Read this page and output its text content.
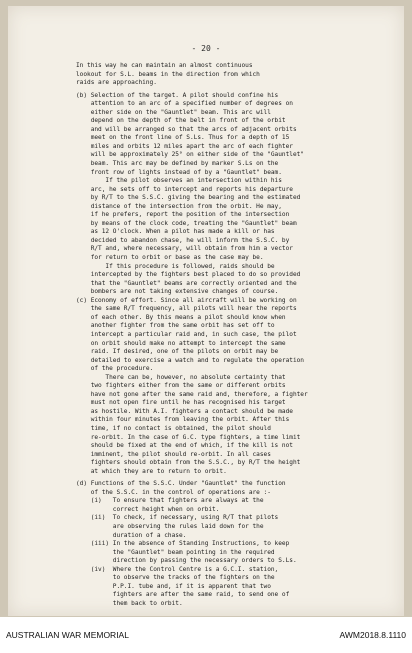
- 20 -
In this way he can maintain an almost continuous
lookout for S.L. beams in the direction from which
raids are approaching.
(b) Selection of the target. A pilot should confine his
attention to an arc of a specified number of degrees on
either side on the "Gauntlet" beam. This arc will
depend on the depth of the belt in front of the orbit
and will be arranged so that the arcs of adjacent orbits
meet on the front line of S.Ls. Thus for a depth of 15
miles and orbits 12 miles apart the arc of each fighter
will be approximately 25° on either side of the "Gauntlet"
beam. This arc may be defined by marker S.Ls on the
front row of lights instead of by a "Gauntlet" beam.
If the pilot observes an intersection within his
arc, he sets off to intercept and reports his departure
by R/T to the S.S.C. giving the bearing and the estimated
distance of the intersection from the orbit. He may,
if he prefers, report the position of the intersection
by means of the clock code, treating the "Gauntlet" beam
as 12 O'clock. When a pilot has made a kill or has
decided to abandon chase, he will inform the S.S.C. by
R/T and, where necessary, will obtain from him a vector
for return to orbit or base as the case may be.
If this procedure is followed, raids should be
intercepted by the fighters best placed to do so provided
that the "Gauntlet" beams are correctly oriented and the
bombers are not taking extensive changes of course.
(c) Economy of effort. Since all aircraft will be working on
the same R/T frequency, all pilots will hear the reports
of each other. By this means a pilot should know when
another fighter from the same orbit has set off to
intercept a particular raid and, in such case, the pilot
on orbit should make no attempt to intercept the same
raid. If desired, one of the pilots on orbit may be
detailed to exercise a watch and to regulate the operation
of the procedure.
There can be, however, no absolute certainty that
two fighters either from the same or different orbits
have not gone after the same raid and, therefore, a fighter
must not open fire until he has recognised his target
as hostile. With A.I. fighters a contact should be made
within four minutes from leaving the orbit. After this
time, if no contact is obtained, the pilot should
re-orbit. In the case of G.C. type fighters, a time limit
should be fixed at the end of which, if the kill is not
imminent, the pilot should re-orbit. In all cases
fighters should obtain from the S.S.C., by R/T the height
at which they are to return to orbit.
(d) Functions of the S.S.C. Under "Gauntlet" the function
of the S.S.C. in the control of operations are :-
(i)   To ensure that fighters are always at the
correct height when on orbit.
(ii)  To check, if necessary, using R/T that pilots
are observing the rules laid down for the
duration of a chase.
(iii) In the absence of Standing Instructions, to keep
the "Gauntlet" beam pointing in the required
direction by passing the necessary orders to S.Ls.
(iv)  Where the Control Centre is a G.C.I. station,
to observe the tracks of the fighters on the
P.P.I. tube and, if it is apparent that two
fighters are after the same raid, to send one of
them back to orbit.
AUSTRALIAN WAR MEMORIAL	AWM2018.8.1110
